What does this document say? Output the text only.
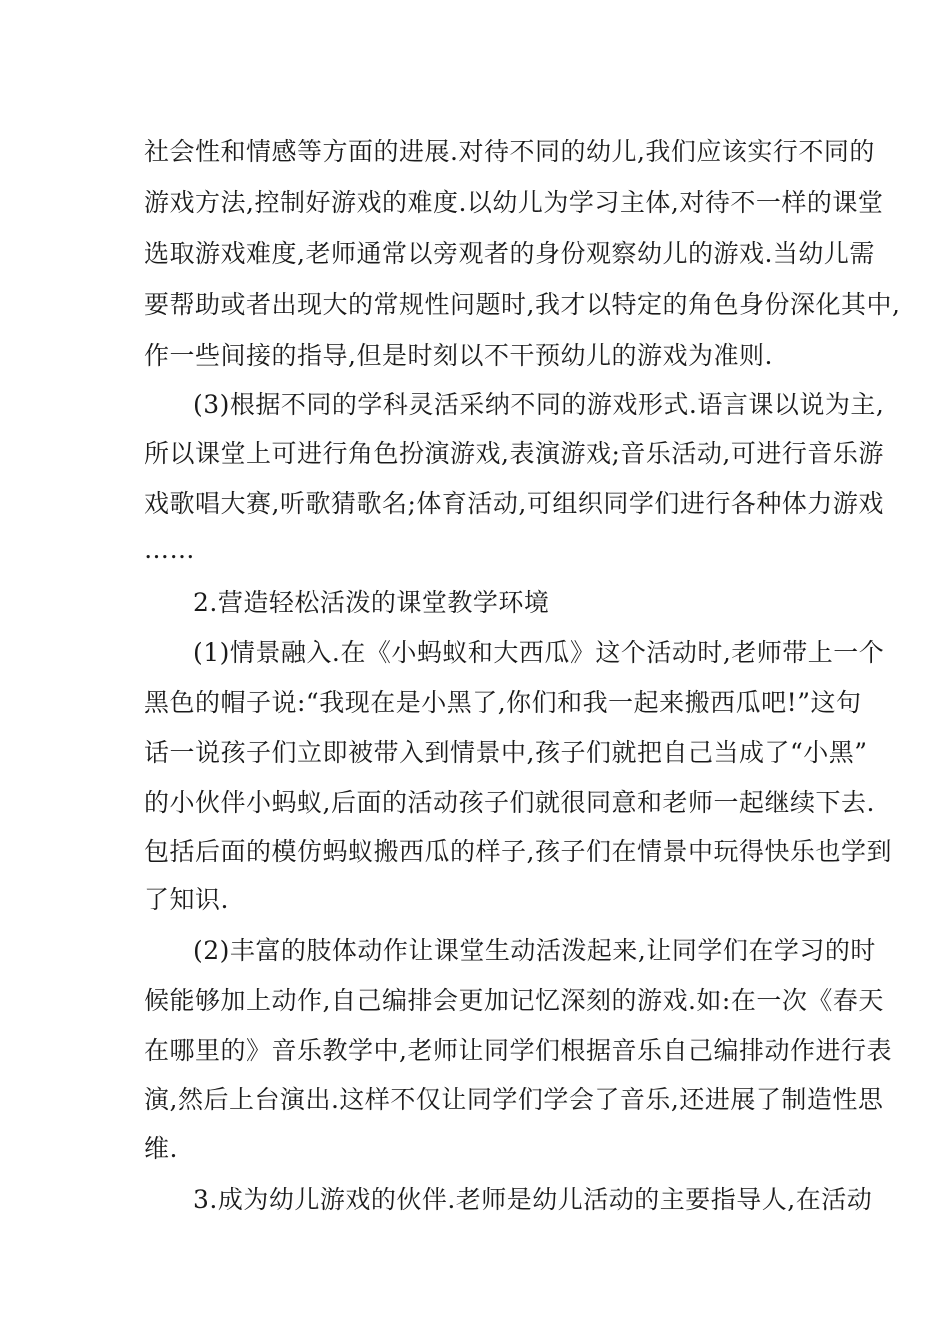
社会性和情感等方面的进展.对待不同的幼儿,我们应该实行不同的
游戏方法,控制好游戏的难度.以幼儿为学习主体,对待不一样的课堂
选取游戏难度,老师通常以旁观者的身份观察幼儿的游戏.当幼儿需
要帮助或者出现大的常规性问题时,我才以特定的角色身份深化其中,
作一些间接的指导,但是时刻以不干预幼儿的游戏为准则.
(3)根据不同的学科灵活采纳不同的游戏形式.语言课以说为主,
所以课堂上可进行角色扮演游戏,表演游戏;音乐活动,可进行音乐游
戏歌唱大赛,听歌猜歌名;体育活动,可组织同学们进行各种体力游戏
……
2.营造轻松活泼的课堂教学环境
(1)情景融入.在《小蚂蚁和大西瓜》这个活动时,老师带上一个
黑色的帽子说:“我现在是小黑了,你们和我一起来搬西瓜吧!”这句
话一说孩子们立即被带入到情景中,孩子们就把自己当成了“小黑”
的小伙伴小蚂蚁,后面的活动孩子们就很同意和老师一起继续下去.
包括后面的模仿蚂蚁搬西瓜的样子,孩子们在情景中玩得快乐也学到
了知识.
(2)丰富的肢体动作让课堂生动活泼起来,让同学们在学习的时
候能够加上动作,自己编排会更加记忆深刻的游戏.如:在一次《春天
在哪里的》音乐教学中,老师让同学们根据音乐自己编排动作进行表
演,然后上台演出.这样不仅让同学们学会了音乐,还进展了制造性思
维.
3.成为幼儿游戏的伙伴.老师是幼儿活动的主要指导人,在活动
